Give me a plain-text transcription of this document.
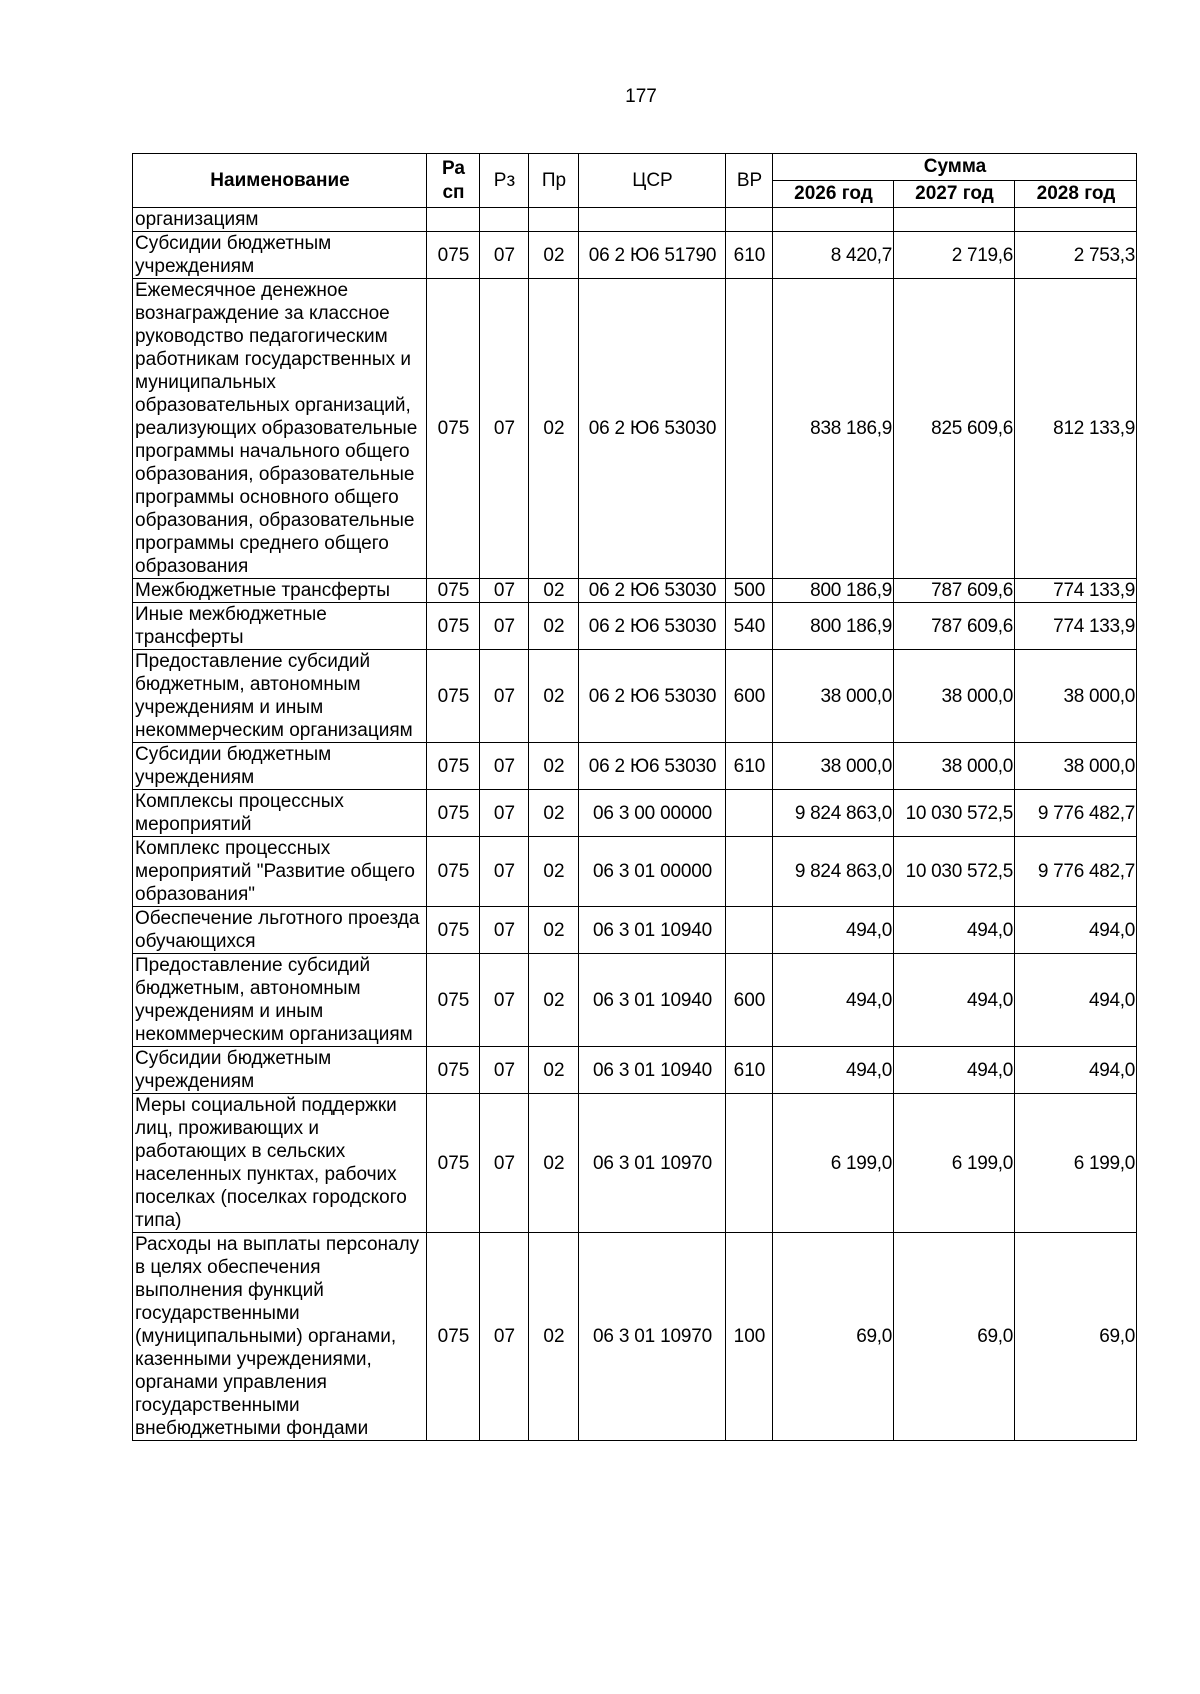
177
Наименование	Ра сп	Рз	Пр	ЦСР	ВР	Сумма		
						2026 год	2027 год	2028 год
организациям								
Субсидии бюджетным учреждениям	075	07	02	06 2 Ю6 51790	610	8 420,7	2 719,6	2 753,3
Ежемесячное денежное вознаграждение за классное руководство педагогическим работникам государственных и муниципальных образовательных организаций, реализующих образовательные программы начального общего образования, образовательные программы основного общего образования, образовательные программы среднего общего образования	075	07	02	06 2 Ю6 53030		838 186,9	825 609,6	812 133,9
Межбюджетные трансферты	075	07	02	06 2 Ю6 53030	500	800 186,9	787 609,6	774 133,9
Иные межбюджетные трансферты	075	07	02	06 2 Ю6 53030	540	800 186,9	787 609,6	774 133,9
Предоставление субсидий бюджетным, автономным учреждениям и иным некоммерческим организациям	075	07	02	06 2 Ю6 53030	600	38 000,0	38 000,0	38 000,0
Субсидии бюджетным учреждениям	075	07	02	06 2 Ю6 53030	610	38 000,0	38 000,0	38 000,0
Комплексы процессных мероприятий	075	07	02	06 3 00 00000		9 824 863,0	10 030 572,5	9 776 482,7
Комплекс процессных мероприятий "Развитие общего образования"	075	07	02	06 3 01 00000		9 824 863,0	10 030 572,5	9 776 482,7
Обеспечение льготного проезда обучающихся	075	07	02	06 3 01 10940		494,0	494,0	494,0
Предоставление субсидий бюджетным, автономным учреждениям и иным некоммерческим организациям	075	07	02	06 3 01 10940	600	494,0	494,0	494,0
Субсидии бюджетным учреждениям	075	07	02	06 3 01 10940	610	494,0	494,0	494,0
Меры социальной поддержки лиц, проживающих и работающих в сельских населенных пунктах, рабочих поселках (поселках городского типа)	075	07	02	06 3 01 10970		6 199,0	6 199,0	6 199,0
Расходы на выплаты персоналу в целях обеспечения выполнения функций государственными (муниципальными) органами, казенными учреждениями, органами управления государственными внебюджетными фондами	075	07	02	06 3 01 10970	100	69,0	69,0	69,0
